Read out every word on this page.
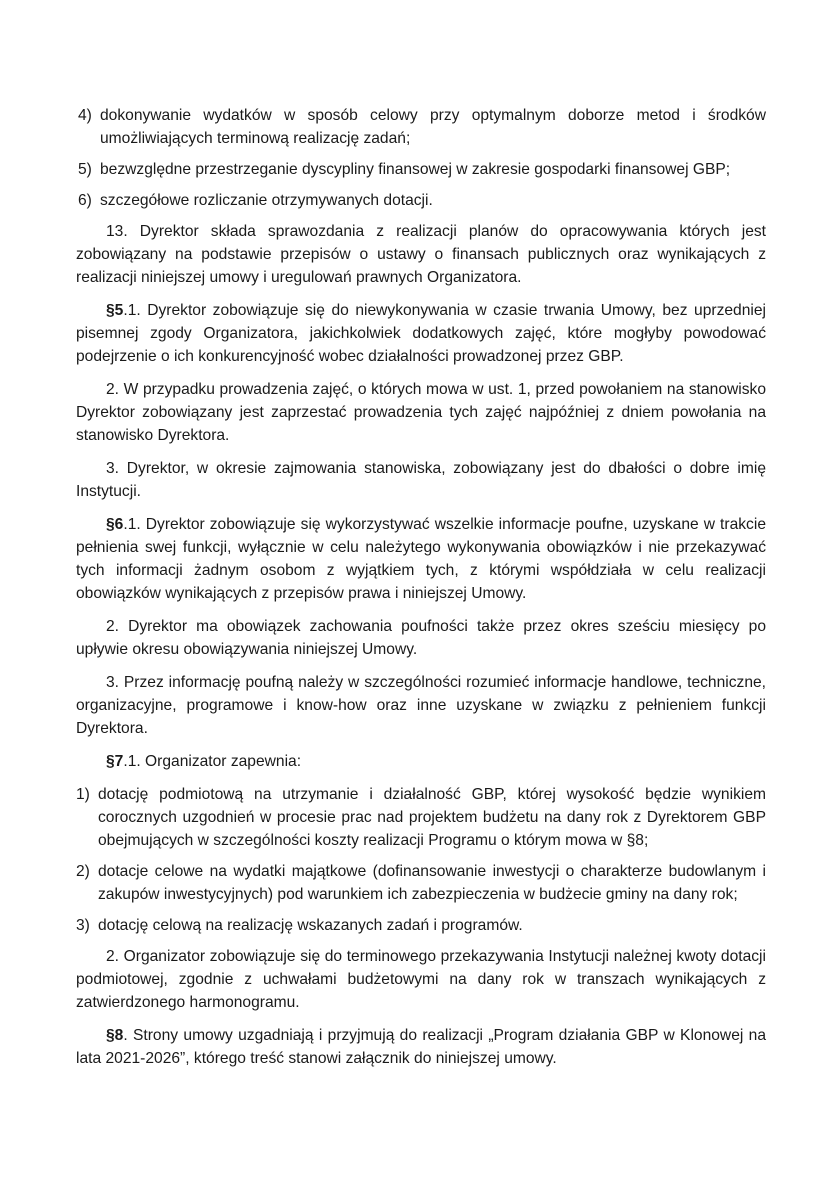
4) dokonywanie wydatków w sposób celowy przy optymalnym doborze metod i środków umożliwiających terminową realizację zadań;
5) bezwzględne przestrzeganie dyscypliny finansowej w zakresie gospodarki finansowej GBP;
6) szczegółowe rozliczanie otrzymywanych dotacji.

13. Dyrektor składa sprawozdania z realizacji planów do opracowywania których jest zobowiązany na podstawie przepisów o ustawy o finansach publicznych oraz wynikających z realizacji niniejszej umowy i uregulowań prawnych Organizatora.

§5.1. Dyrektor zobowiązuje się do niewykonywania w czasie trwania Umowy, bez uprzedniej pisemnej zgody Organizatora, jakichkolwiek dodatkowych zajęć, które mogłyby powodować podejrzenie o ich konkurencyjność wobec działalności prowadzonej przez GBP.

2. W przypadku prowadzenia zajęć, o których mowa w ust. 1, przed powołaniem na stanowisko Dyrektor zobowiązany jest zaprzestać prowadzenia tych zajęć najpóźniej z dniem powołania na stanowisko Dyrektora.

3. Dyrektor, w okresie zajmowania stanowiska, zobowiązany jest do dbałości o dobre imię Instytucji.

§6.1. Dyrektor zobowiązuje się wykorzystywać wszelkie informacje poufne, uzyskane w trakcie pełnienia swej funkcji, wyłącznie w celu należytego wykonywania obowiązków i nie przekazywać tych informacji żadnym osobom z wyjątkiem tych, z którymi współdziała w celu realizacji obowiązków wynikających z przepisów prawa i niniejszej Umowy.

2. Dyrektor ma obowiązek zachowania poufności także przez okres sześciu miesięcy po upływie okresu obowiązywania niniejszej Umowy.

3. Przez informację poufną należy w szczególności rozumieć informacje handlowe, techniczne, organizacyjne, programowe i know-how oraz inne uzyskane w związku z pełnieniem funkcji Dyrektora.

§7.1. Organizator zapewnia:

1) dotację podmiotową na utrzymanie i działalność GBP, której wysokość będzie wynikiem corocznych uzgodnień w procesie prac nad projektem budżetu na dany rok z Dyrektorem GBP obejmujących w szczególności koszty realizacji Programu o którym mowa w §8;
2) dotacje celowe na wydatki majątkowe (dofinansowanie inwestycji o charakterze budowlanym i zakupów inwestycyjnych) pod warunkiem ich zabezpieczenia w budżecie gminy na dany rok;
3) dotację celową na realizację wskazanych zadań i programów.

2. Organizator zobowiązuje się do terminowego przekazywania Instytucji należnej kwoty dotacji podmiotowej, zgodnie z uchwałami budżetowymi na dany rok w transzach wynikających z zatwierdzonego harmonogramu.

§8. Strony umowy uzgadniają i przyjmują do realizacji „Program działania GBP w Klonowej na lata 2021-2026”, którego treść stanowi załącznik do niniejszej umowy.
